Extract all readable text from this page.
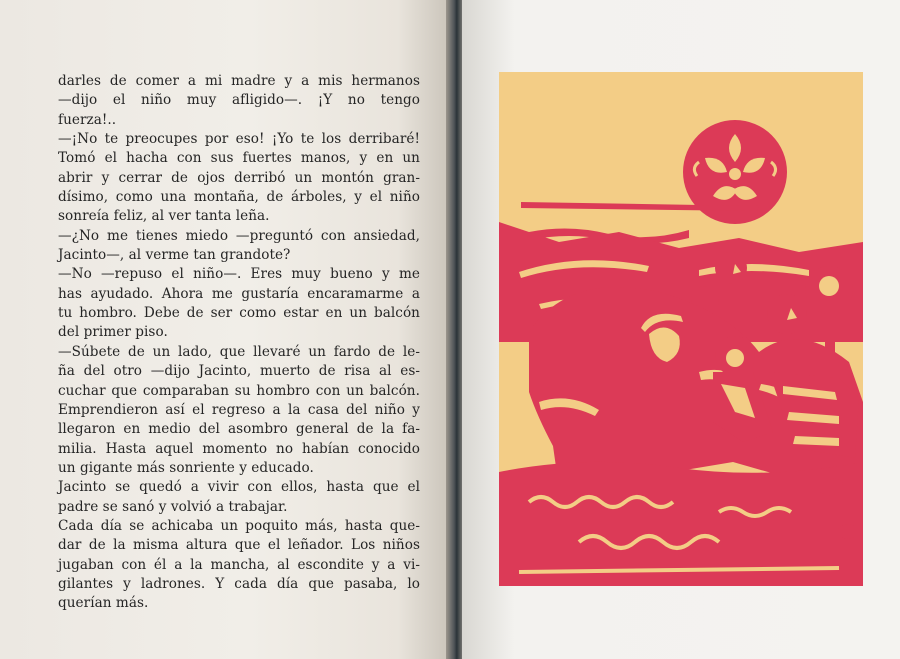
darles de comer a mi madre y a mis hermanos
—dijo el niño muy afligido—. ¡Y no tengo
fuerza!..
—¡No te preocupes por eso! ¡Yo te los derribaré!
Tomó el hacha con sus fuertes manos, y en un
abrir y cerrar de ojos derribó un montón gran-
dísimo, como una montaña, de árboles, y el niño
sonreía feliz, al ver tanta leña.
—¿No me tienes miedo —preguntó con ansiedad,
Jacinto—, al verme tan grandote?
—No —repuso el niño—. Eres muy bueno y me
has ayudado. Ahora me gustaría encaramarme a
tu hombro. Debe de ser como estar en un balcón
del primer piso.
—Súbete de un lado, que llevaré un fardo de le-
ña del otro —dijo Jacinto, muerto de risa al es-
cuchar que comparaban su hombro con un balcón.
Emprendieron así el regreso a la casa del niño y
llegaron en medio del asombro general de la fa-
milia. Hasta aquel momento no habían conocido
un gigante más sonriente y educado.
Jacinto se quedó a vivir con ellos, hasta que el
padre se sanó y volvió a trabajar.
Cada día se achicaba un poquito más, hasta que-
dar de la misma altura que el leñador. Los niños
jugaban con él a la mancha, al escondite y a vi-
gilantes y ladrones. Y cada día que pasaba, lo
querían más.
